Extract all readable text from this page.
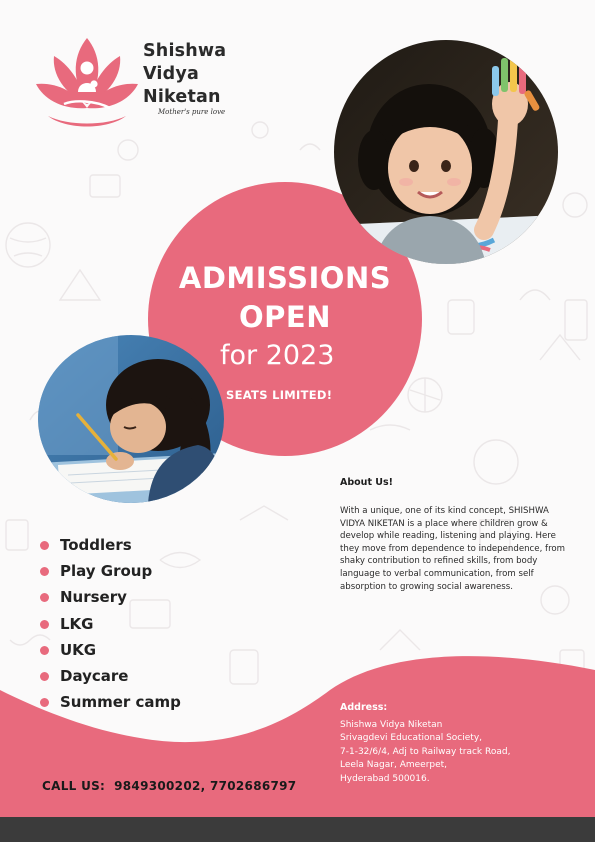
Shishwa
Vidya
Niketan
Mother's pure love
ADMISSIONS
OPEN
for 2023
SEATS LIMITED!
About Us!
With a unique, one of its kind concept, SHISHWA VIDYA NIKETAN is a place where children grow & develop while reading, listening and playing. Here they move from dependence to independence, from shaky contribution to refined skills, from body language to verbal communication, from self absorption to growing social awareness.
Toddlers
Play Group
Nursery
LKG
UKG
Daycare
Summer camp	Address:
Shishwa Vidya Niketan
Srivagdevi Educational Society,
7-1-32/6/4, Adj to Railway track Road,
Leela Nagar, Ameerpet,
Hyderabad 500016.
CALL US: 9849300202, 7702686797
